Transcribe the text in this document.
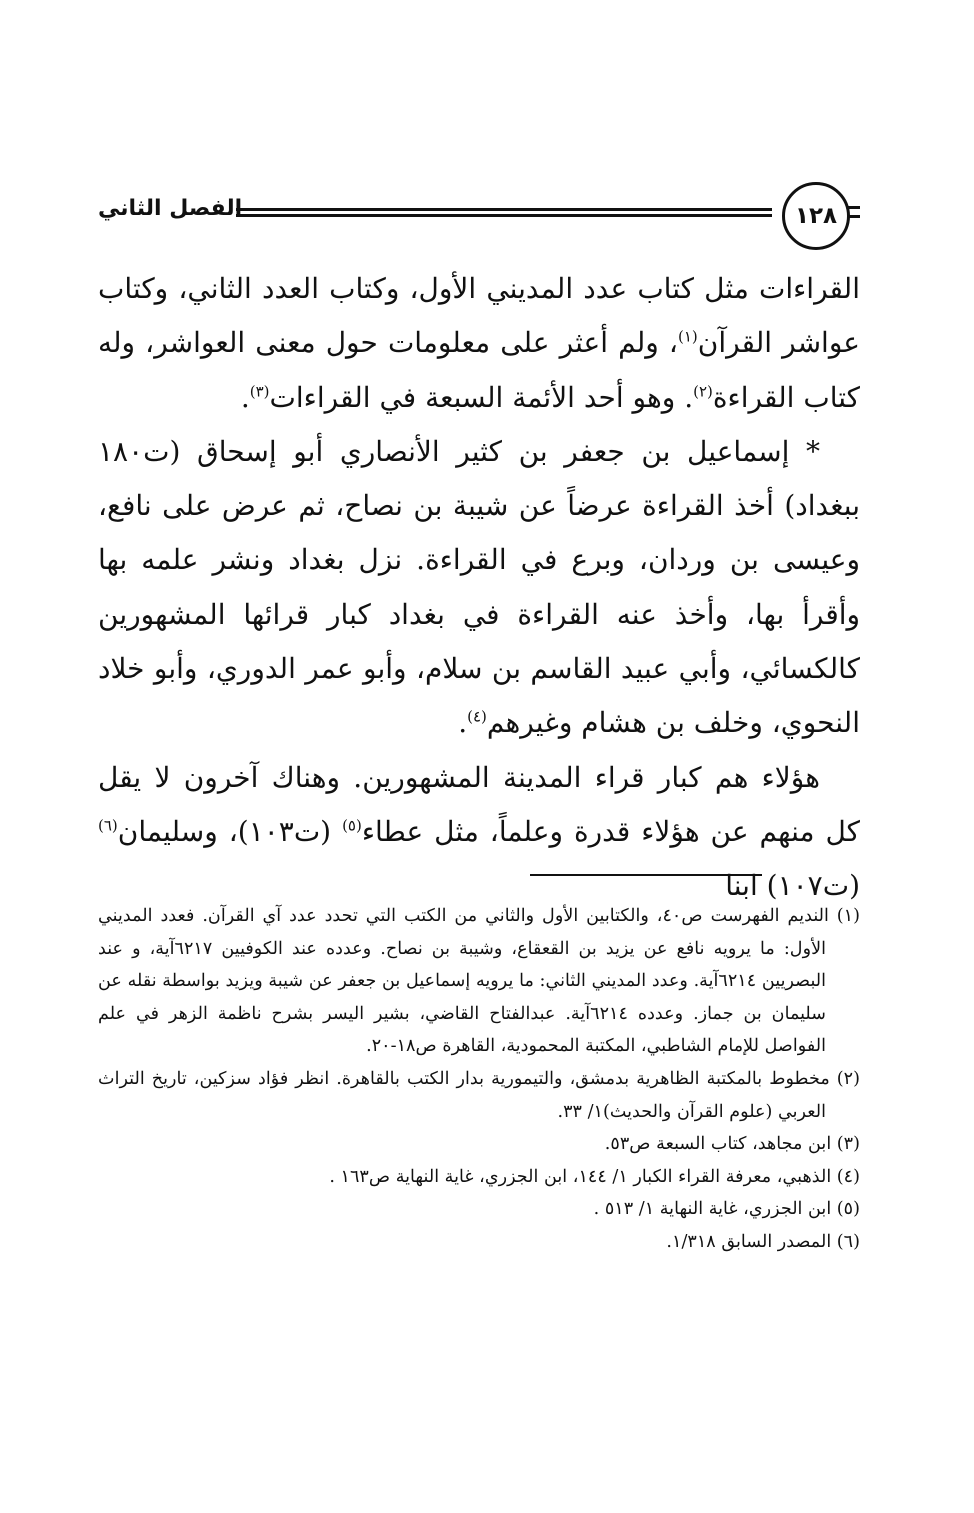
الفصل الثاني	١٢٨

القراءات مثل كتاب عدد المديني الأول، وكتاب العدد الثاني، وكتاب عواشر القرآن$^{(١)}$، ولم أعثر على معلومات حول معنى العواشر، وله كتاب القراءة$^{(٢)}$. وهو أحد الأئمة السبعة في القراءات$^{(٣)}$.

* إسماعيل بن جعفر بن كثير الأنصاري أبو إسحاق (ت١٨٠ ببغداد) أخذ القراءة عرضاً عن شيبة بن نصاح، ثم عرض على نافع، وعيسى بن وردان، وبرع في القراءة. نزل بغداد ونشر علمه بها وأقرأ بها، وأخذ عنه القراءة في بغداد كبار قرائها المشهورين كالكسائي، وأبي عبيد القاسم بن سلام، وأبو عمر الدوري، وأبو خلاد النحوي، وخلف بن هشام وغيرهم$^{(٤)}$.

هؤلاء هم كبار قراء المدينة المشهورين. وهناك آخرون لا يقل كل منهم عن هؤلاء قدرة وعلماً، مثل عطاء$^{(٥)}$ (ت١٠٣)، وسليمان$^{(٦)}$ (ت١٠٧) ابنا

(١) النديم الفهرست ص٤٠، والكتابين الأول والثاني من الكتب التي تحدد عدد آي القرآن. فعدد المديني الأول: ما يرويه نافع عن يزيد بن القعقاع، وشيبة بن نصاح. وعدده عند الكوفيين ٦٢١٧آية، و عند البصريين ٦٢١٤آية. وعدد المديني الثاني: ما يرويه إسماعيل بن جعفر عن شيبة ويزيد بواسطة نقله عن سليمان بن جماز. وعدده ٦٢١٤آية. عبدالفتاح القاضي، بشير اليسر بشرح ناظمة الزهر في علم الفواصل للإمام الشاطبي، المكتبة المحمودية، القاهرة ص١٨-٢٠.

(٢) مخطوط بالمكتبة الظاهرية بدمشق، والتيمورية بدار الكتب بالقاهرة. انظر فؤاد سزكين، تاريخ التراث العربي (علوم القرآن والحديث)١/ ٣٣.

(٣) ابن مجاهد، كتاب السبعة ص٥٣.

(٤) الذهبي، معرفة القراء الكبار ١/ ١٤٤، ابن الجزري، غاية النهاية ص١٦٣ .

(٥) ابن الجزري، غاية النهاية ١/ ٥١٣ .

(٦) المصدر السابق ١/٣١٨.
